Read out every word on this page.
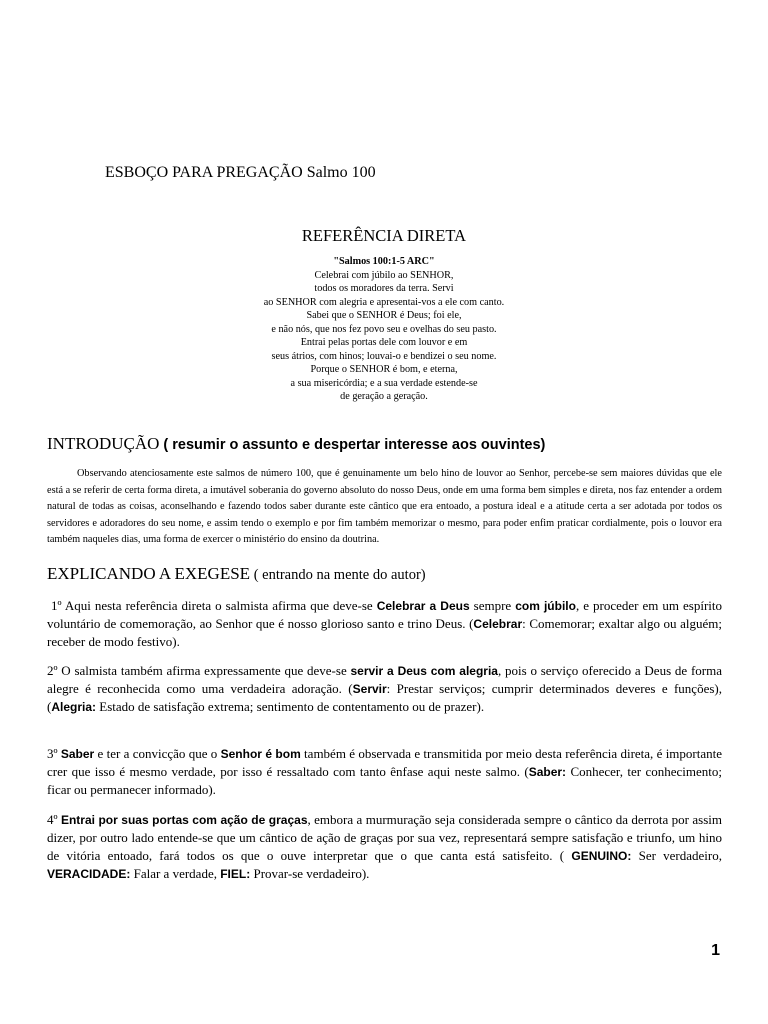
ESBOÇO PARA PREGAÇÃO Salmo 100
REFERÊNCIA DIRETA
"Salmos 100:1-5 ARC"
Celebrai com júbilo ao SENHOR,
todos os moradores da terra. Servi
ao SENHOR com alegria e apresentai-vos a ele com canto.
Sabei que o SENHOR é Deus; foi ele,
e não nós, que nos fez povo seu e ovelhas do seu pasto.
Entrai pelas portas dele com louvor e em
seus átrios, com hinos; louvai-o e bendizei o seu nome.
Porque o SENHOR é bom, e eterna,
a sua misericórdia; e a sua verdade estende-se
de geração a geração.
INTRODUÇÃO ( resumir o assunto e despertar interesse aos ouvintes)
Observando atenciosamente este salmos de número 100, que é genuinamente um belo hino de louvor ao Senhor, percebe-se sem maiores dúvidas que ele está a se referir de certa forma direta, a imutável soberania do governo absoluto do nosso Deus, onde em uma forma bem simples e direta, nos faz entender a ordem natural de todas as coisas, aconselhando e fazendo todos saber durante este cântico que era entoado, a postura ideal e a atitude certa a ser adotada por todos os servidores e adoradores do seu nome, e assim tendo o exemplo e por fim também memorizar o mesmo, para poder enfim praticar cordialmente, pois o louvor era também naqueles dias, uma forma de exercer o ministério do ensino da doutrina.
EXPLICANDO A EXEGESE ( entrando na mente do autor)
1º Aqui nesta referência direta o salmista afirma que deve-se Celebrar a Deus sempre com júbilo, e proceder em um espírito voluntário de comemoração, ao Senhor que é nosso glorioso santo e trino Deus. (Celebrar: Comemorar; exaltar algo ou alguém; receber de modo festivo).
2º O salmista também afirma expressamente que deve-se servir a Deus com alegria, pois o serviço oferecido a Deus de forma alegre é reconhecida como uma verdadeira adoração. (Servir: Prestar serviços; cumprir determinados deveres e funções), (Alegria: Estado de satisfação extrema; sentimento de contentamento ou de prazer).
3º Saber e ter a convicção que o Senhor é bom também é observada e transmitida por meio desta referência direta, é importante crer que isso é mesmo verdade, por isso é ressaltado com tanto ênfase aqui neste salmo. (Saber: Conhecer, ter conhecimento; ficar ou permanecer informado).
4º Entrai por suas portas com ação de graças, embora a murmuração seja considerada sempre o cântico da derrota por assim dizer, por outro lado entende-se que um cântico de ação de graças por sua vez, representará sempre satisfação e triunfo, um hino de vitória entoado, fará todos os que o ouve interpretar que o que canta está satisfeito. ( GENUINO: Ser verdadeiro, VERACIDADE: Falar a verdade, FIEL: Provar-se verdadeiro).
1
